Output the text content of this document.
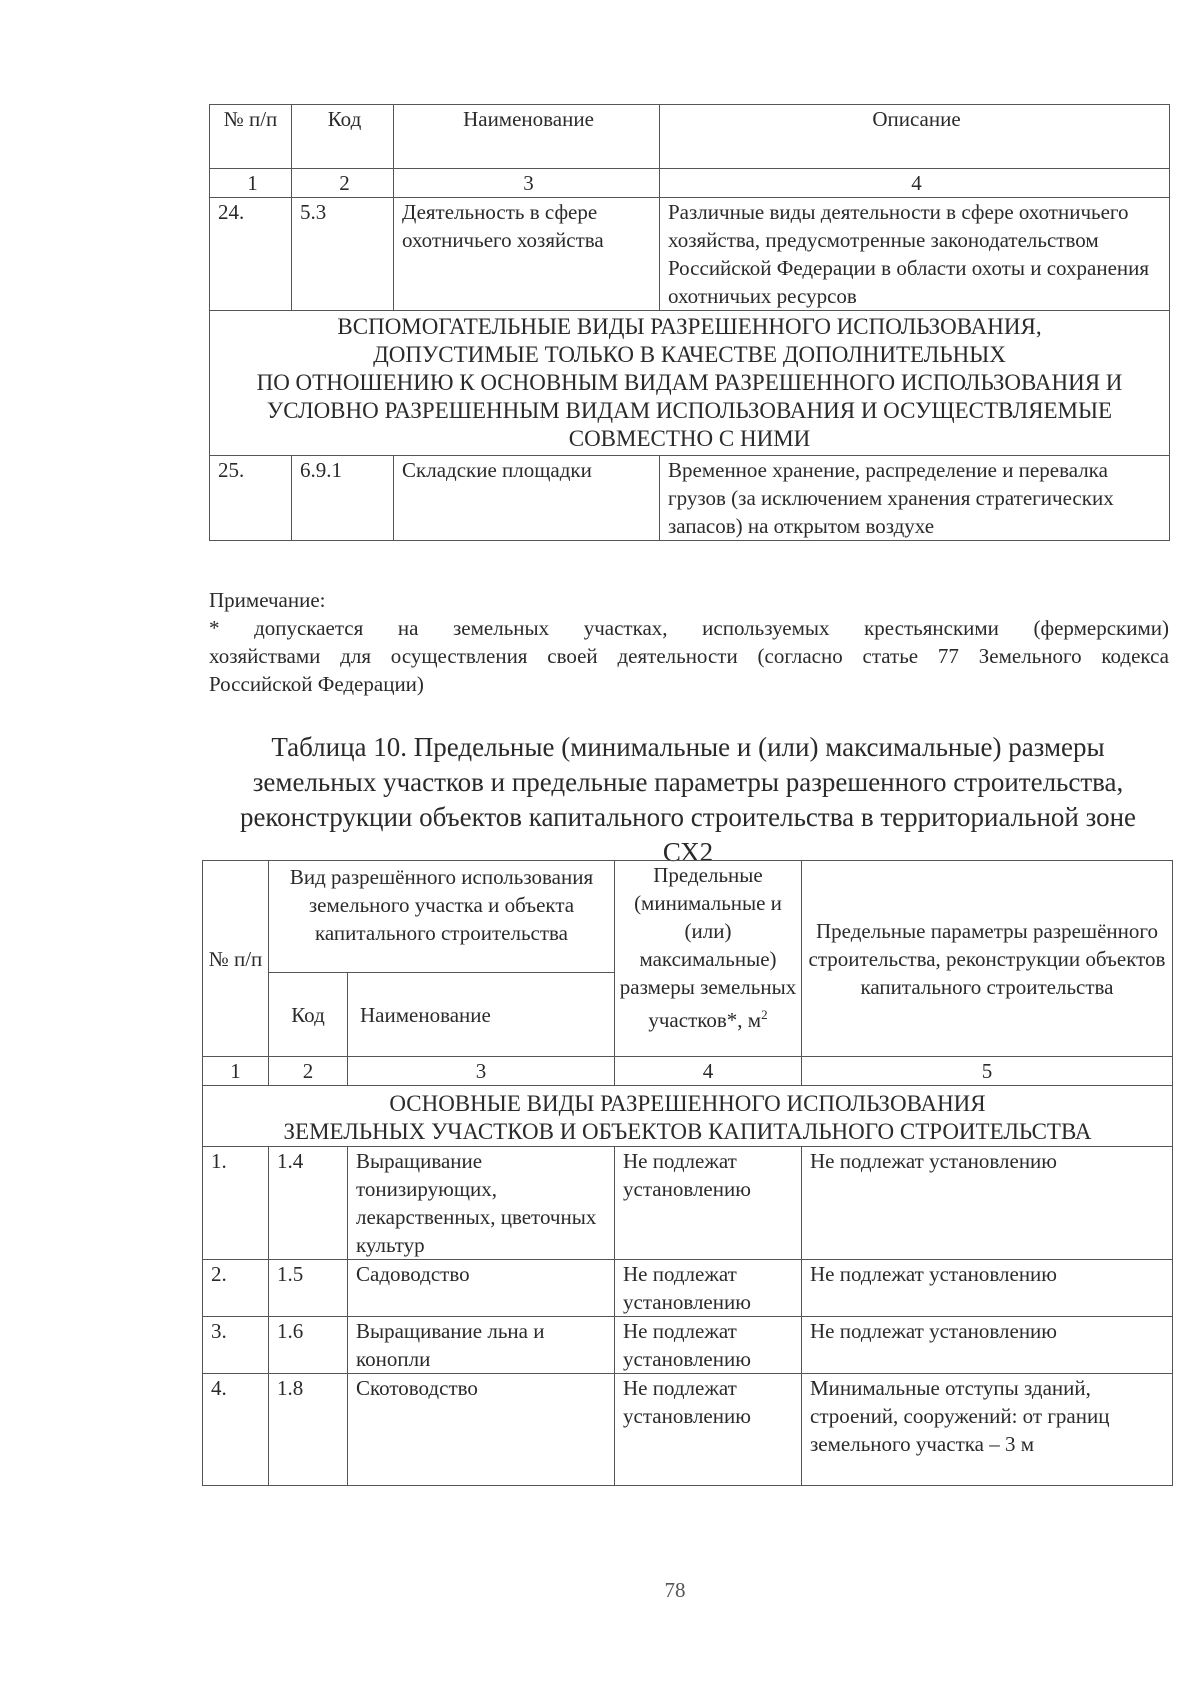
№ п/п	Код	Наименование	Описание
1	2	3	4
24.	5.3	Деятельность в сфере охотничьего хозяйства	Различные виды деятельности в сфере охотничьего хозяйства, предусмотренные законодательством Российской Федерации в области охоты и сохранения охотничьих ресурсов

ВСПОМОГАТЕЛЬНЫЕ ВИДЫ РАЗРЕШЕННОГО ИСПОЛЬЗОВАНИЯ,
ДОПУСТИМЫЕ ТОЛЬКО В КАЧЕСТВЕ ДОПОЛНИТЕЛЬНЫХ
ПО ОТНОШЕНИЮ К ОСНОВНЫМ ВИДАМ РАЗРЕШЕННОГО ИСПОЛЬЗОВАНИЯ И
УСЛОВНО РАЗРЕШЕННЫМ ВИДАМ ИСПОЛЬЗОВАНИЯ И ОСУЩЕСТВЛЯЕМЫЕ
СОВМЕСТНО С НИМИ			

25.	6.9.1	Складские площадки	Временное хранение, распределение и перевалка грузов (за исключением хранения стратегических запасов) на открытом воздухе
Примечание:
* допускается на земельных участках, используемых крестьянскими (фермерскими)
хозяйствами для осуществления своей деятельности (согласно статье 77 Земельного кодекса
Российской Федерации)
Таблица 10. Предельные (минимальные и (или) максимальные) размеры
земельных участков и предельные параметры разрешенного строительства,
реконструкции объектов капитального строительства в территориальной зоне
СХ2
№ п/п	Вид разрешённого использования земельного участка и объекта капитального строительства		Предельные (минимальные и (или) максимальные) размеры земельных участков*, $м^2$	Предельные параметры разрешённого строительства, реконструкции объектов капитального строительства
	Код	Наименование		
1	2	3	4	5

ОСНОВНЫЕ ВИДЫ РАЗРЕШЕННОГО ИСПОЛЬЗОВАНИЯ
ЗЕМЕЛЬНЫХ УЧАСТКОВ И ОБЪЕКТОВ КАПИТАЛЬНОГО СТРОИТЕЛЬСТВА				

1.	1.4	Выращивание тонизирующих, лекарственных, цветочных культур	Не подлежат установлению	Не подлежат установлению
2.	1.5	Садоводство	Не подлежат установлению	Не подлежат установлению
3.	1.6	Выращивание льна и конопли	Не подлежат установлению	Не подлежат установлению
4.	1.8	Скотоводство	Не подлежат установлению	Минимальные отступы зданий, строений, сооружений: от границ земельного участка – 3 м
78
